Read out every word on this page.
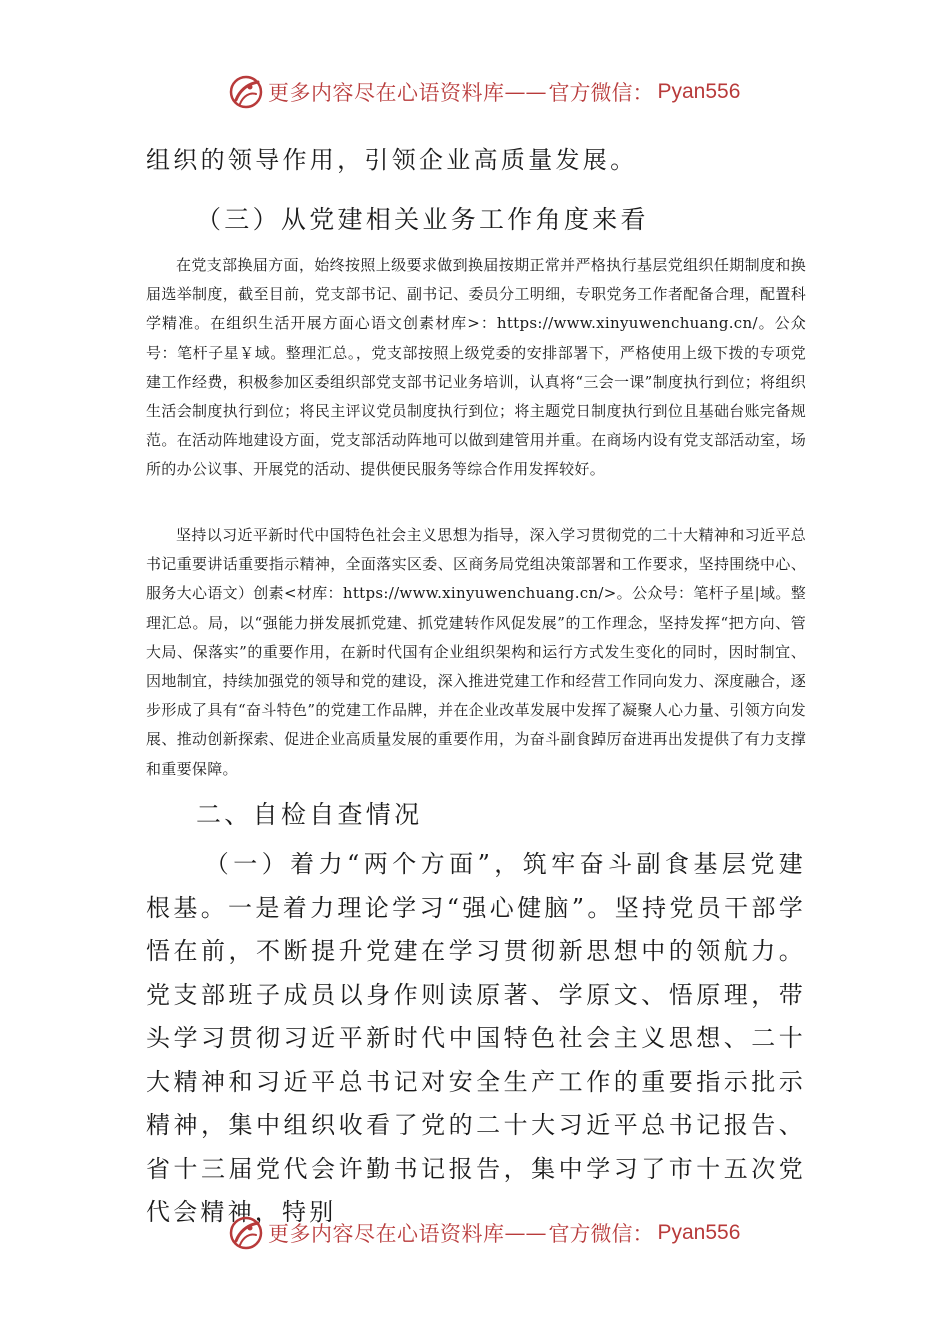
更多内容尽在心语资料库 —— 官方微信： Pyan556

组织的领导作用，引领企业高质量发展。

（三）从党建相关业务工作角度来看

在党支部换届方面，始终按照上级要求做到换届按期正常并严格执行基层党组织任期制度和换届选举制度，截至目前，党支部书记、副书记、委员分工明细，专职党务工作者配备合理，配置科学精准。在组织生活开展方面心语文创素材库>：https://www.xinyuwenchuang.cn/。公众号：笔杆子星￥域。整理汇总。，党支部按照上级党委的安排部署下，严格使用上级下拨的专项党建工作经费，积极参加区委组织部党支部书记业务培训，认真将“三会一课”制度执行到位；将组织生活会制度执行到位；将民主评议党员制度执行到位；将主题党日制度执行到位且基础台账完备规范。在活动阵地建设方面，党支部活动阵地可以做到建管用并重。在商场内设有党支部活动室，场所的办公议事、开展党的活动、提供便民服务等综合作用发挥较好。

坚持以习近平新时代中国特色社会主义思想为指导，深入学习贯彻党的二十大精神和习近平总书记重要讲话重要指示精神，全面落实区委、区商务局党组决策部署和工作要求，坚持围绕中心、服务大心语文）创素<材库：https://www.xinyuwenchuang.cn/>。公众号：笔杆子星|域。整理汇总。局，以“强能力拼发展抓党建、抓党建转作风促发展”的工作理念，坚持发挥“把方向、管大局、保落实”的重要作用，在新时代国有企业组织架构和运行方式发生变化的同时，因时制宜、因地制宜，持续加强党的领导和党的建设，深入推进党建工作和经营工作同向发力、深度融合，逐步形成了具有“奋斗特色”的党建工作品牌，并在企业改革发展中发挥了凝聚人心力量、引领方向发展、推动创新探索、促进企业高质量发展的重要作用，为奋斗副食踔厉奋进再出发提供了有力支撑和重要保障。

二、自检自查情况

（一）着力“两个方面”，筑牢奋斗副食基层党建根基。一是着力理论学习“强心健脑”。坚持党员干部学悟在前，不断提升党建在学习贯彻新思想中的领航力。党支部班子成员以身作则读原著、学原文、悟原理，带头学习贯彻习近平新时代中国特色社会主义思想、二十大精神和习近平总书记对安全生产工作的重要指示批示精神，集中组织收看了党的二十大习近平总书记报告、省十三届党代会许勤书记报告，集中学习了市十五次党代会精神，特别

更多内容尽在心语资料库 —— 官方微信： Pyan556
